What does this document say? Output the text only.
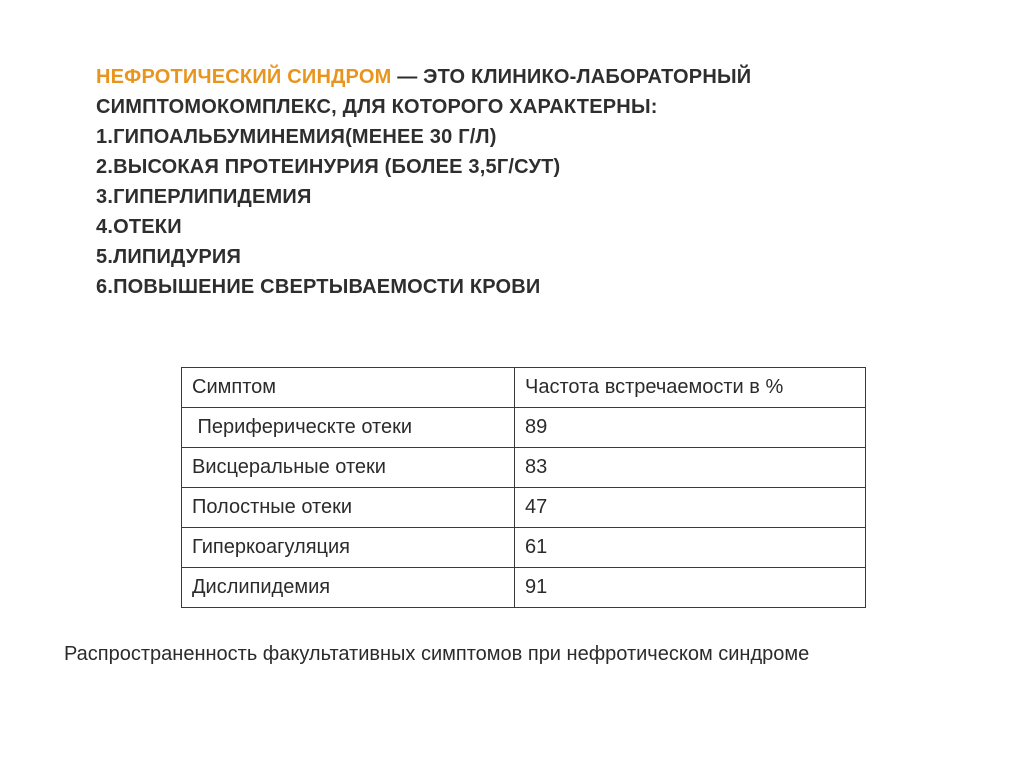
НЕФРОТИЧЕСКИЙ СИНДРОМ — ЭТО КЛИНИКО-ЛАБОРАТОРНЫЙ
СИМПТОМОКОМПЛЕКС, ДЛЯ КОТОРОГО ХАРАКТЕРНЫ:
1.ГИПОАЛЬБУМИНЕМИЯ(МЕНЕЕ 30 Г/Л)
2.ВЫСОКАЯ ПРОТЕИНУРИЯ (БОЛЕЕ 3,5Г/СУТ)
3.ГИПЕРЛИПИДЕМИЯ
4.ОТЕКИ
5.ЛИПИДУРИЯ
6.ПОВЫШЕНИЕ СВЕРТЫВАЕМОСТИ КРОВИ
Симптом	Частота встречаемости в %
Периферическте отеки	89
Висцеральные отеки	83
Полостные отеки	47
Гиперкоагуляция	61
Дислипидемия	91
Распространенность факультативных симптомов при нефротическом синдроме
